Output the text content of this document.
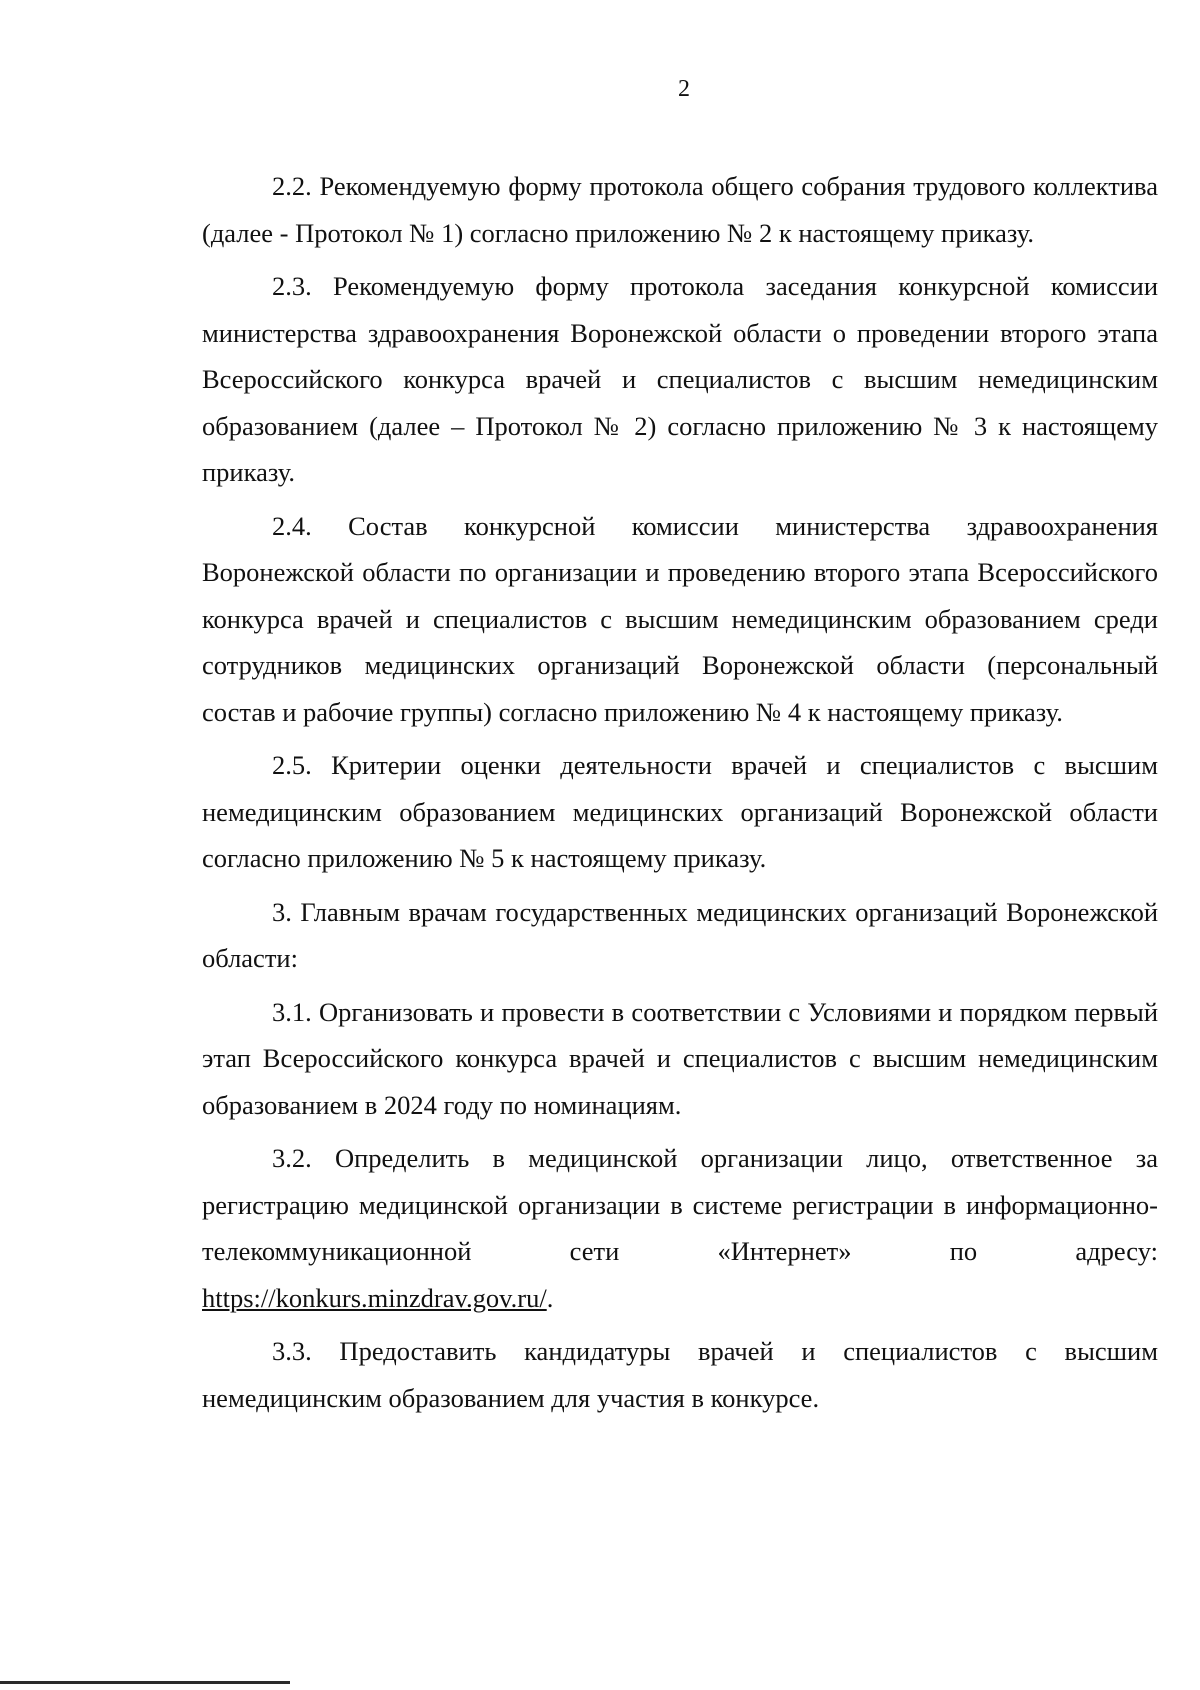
2

2.2. Рекомендуемую форму протокола общего собрания трудового коллектива (далее - Протокол № 1) согласно приложению № 2 к настоящему приказу.

2.3. Рекомендуемую форму протокола заседания конкурсной комиссии министерства здравоохранения Воронежской области о проведении второго этапа Всероссийского конкурса врачей и специалистов с высшим немедицинским образованием (далее – Протокол № 2) согласно приложению № 3 к настоящему приказу.

2.4. Состав конкурсной комиссии министерства здравоохранения Воронежской области по организации и проведению второго этапа Всероссийского конкурса врачей и специалистов с высшим немедицинским образованием среди сотрудников медицинских организаций Воронежской области (персональный состав и рабочие группы) согласно приложению № 4 к настоящему приказу.

2.5. Критерии оценки деятельности врачей и специалистов с высшим немедицинским образованием медицинских организаций Воронежской области согласно приложению № 5 к настоящему приказу.

3. Главным врачам государственных медицинских организаций Воронежской области:

3.1. Организовать и провести в соответствии с Условиями и порядком первый этап Всероссийского конкурса врачей и специалистов с высшим немедицинским образованием в 2024 году по номинациям.

3.2. Определить в медицинской организации лицо, ответственное за регистрацию медицинской организации в системе регистрации в информационно-телекоммуникационной сети «Интернет» по адресу:

https://konkurs.minzdrav.gov.ru/.

3.3. Предоставить кандидатуры врачей и специалистов с высшим немедицинским образованием для участия в конкурсе.
